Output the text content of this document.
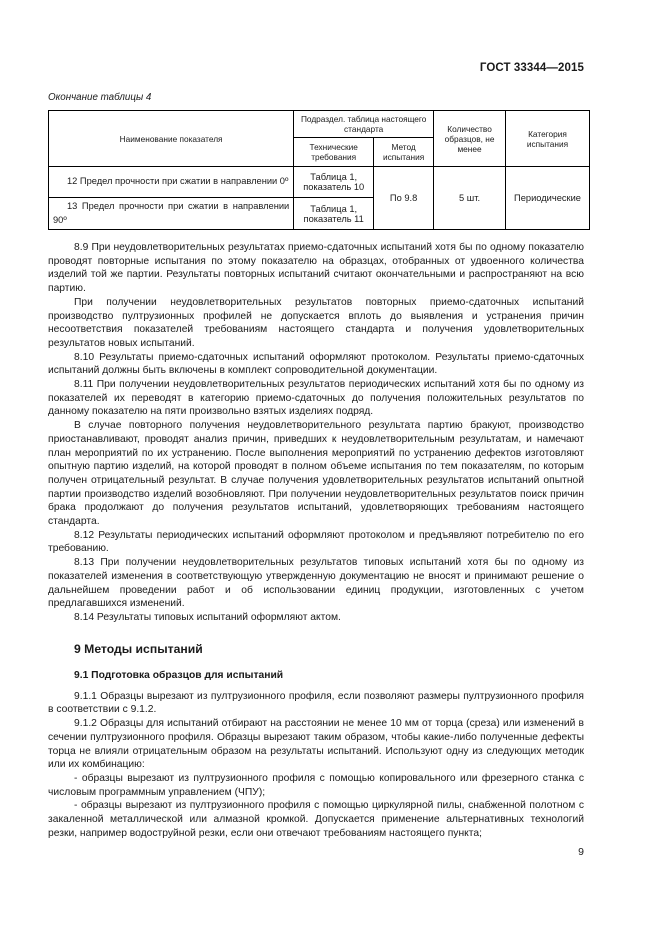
ГОСТ 33344—2015
Окончание таблицы 4
Наименование показателя	Подраздел. таблица настоящего стандарта		Количество образцов, не менее	Категория испытания
	Технические требования	Метод испытания		
12 Предел прочности при сжатии в направлении 0º	Таблица 1, показатель 10	По 9.8	5 шт.	Периодические
13 Предел прочности при сжатии в направлении 90º	Таблица 1, показатель 11			

8.9 При неудовлетворительных результатах приемо-сдаточных испытаний хотя бы по одному показателю проводят повторные испытания по этому показателю на образцах, отобранных от удвоенного количества изделий той же партии. Результаты повторных испытаний считают окончательными и распространяют на всю партию.

При получении неудовлетворительных результатов повторных приемо-сдаточных испытаний производство пултрузионных профилей не допускается вплоть до выявления и устранения причин несоответствия показателей требованиям настоящего стандарта и получения удовлетворительных результатов новых испытаний.

8.10 Результаты приемо-сдаточных испытаний оформляют протоколом. Результаты приемо-сдаточных испытаний должны быть включены в комплект сопроводительной документации.

8.11 При получении неудовлетворительных результатов периодических испытаний хотя бы по одному из показателей их переводят в категорию приемо-сдаточных до получения положительных результатов по данному показателю на пяти произвольно взятых изделиях подряд.

В случае повторного получения неудовлетворительного результата партию бракуют, производство приостанавливают, проводят анализ причин, приведших к неудовлетворительным результатам, и намечают план мероприятий по их устранению. После выполнения мероприятий по устранению дефектов изготовляют опытную партию изделий, на которой проводят в полном объеме испытания по тем показателям, по которым получен отрицательный результат. В случае получения удовлетворительных результатов испытаний опытной партии производство изделий возобновляют. При получении неудовлетворительных результатов поиск причин брака продолжают до получения результатов испытаний, удовлетворяющих требованиям настоящего стандарта.

8.12 Результаты периодических испытаний оформляют протоколом и предъявляют потребителю по его требованию.

8.13 При получении неудовлетворительных результатов типовых испытаний хотя бы по одному из показателей изменения в соответствующую утвержденную документацию не вносят и принимают решение о дальнейшем проведении работ и об использовании единиц продукции, изготовленных с учетом предлагавшихся изменений.

8.14 Результаты типовых испытаний оформляют актом.

9 Методы испытаний
9.1 Подготовка образцов для испытаний

9.1.1 Образцы вырезают из пултрузионного профиля, если позволяют размеры пултрузионного профиля в соответствии с 9.1.2.

9.1.2 Образцы для испытаний отбирают на расстоянии не менее 10 мм от торца (среза) или изменений в сечении пултрузионного профиля. Образцы вырезают таким образом, чтобы какие-либо полученные дефекты торца не влияли отрицательным образом на результаты испытаний. Используют одну из следующих методик или их комбинацию:

- образцы вырезают из пултрузионного профиля с помощью копировального или фрезерного станка с числовым программным управлением (ЧПУ);

- образцы вырезают из пултрузионного профиля с помощью циркулярной пилы, снабженной полотном с закаленной металлической или алмазной кромкой. Допускается применение альтернативных технологий резки, например водоструйной резки, если они отвечают требованиям настоящего пункта;

9
